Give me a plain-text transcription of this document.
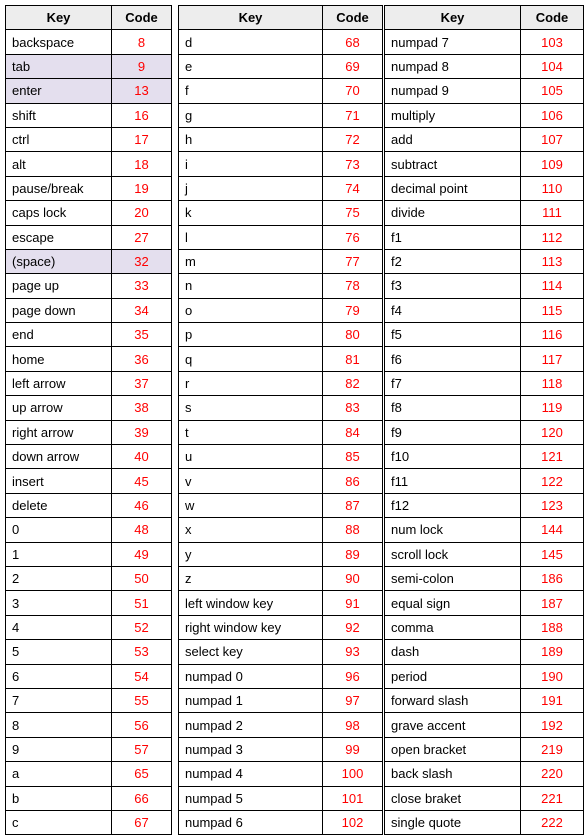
Key	Code
backspace	8
tab	9
enter	13
shift	16
ctrl	17
alt	18
pause/break	19
caps lock	20
escape	27
(space)	32
page up	33
page down	34
end	35
home	36
left arrow	37
up arrow	38
right arrow	39
down arrow	40
insert	45
delete	46
0	48
1	49
2	50
3	51
4	52
5	53
6	54
7	55
8	56
9	57
a	65
b	66
c	67
Key	Code
d	68
e	69
f	70
g	71
h	72
i	73
j	74
k	75
l	76
m	77
n	78
o	79
p	80
q	81
r	82
s	83
t	84
u	85
v	86
w	87
x	88
y	89
z	90
left window key	91
right window key	92
select key	93
numpad 0	96
numpad 1	97
numpad 2	98
numpad 3	99
numpad 4	100
numpad 5	101
numpad 6	102
Key	Code
numpad 7	103
numpad 8	104
numpad 9	105
multiply	106
add	107
subtract	109
decimal point	110
divide	111
f1	112
f2	113
f3	114
f4	115
f5	116
f6	117
f7	118
f8	119
f9	120
f10	121
f11	122
f12	123
num lock	144
scroll lock	145
semi-colon	186
equal sign	187
comma	188
dash	189
period	190
forward slash	191
grave accent	192
open bracket	219
back slash	220
close braket	221
single quote	222
